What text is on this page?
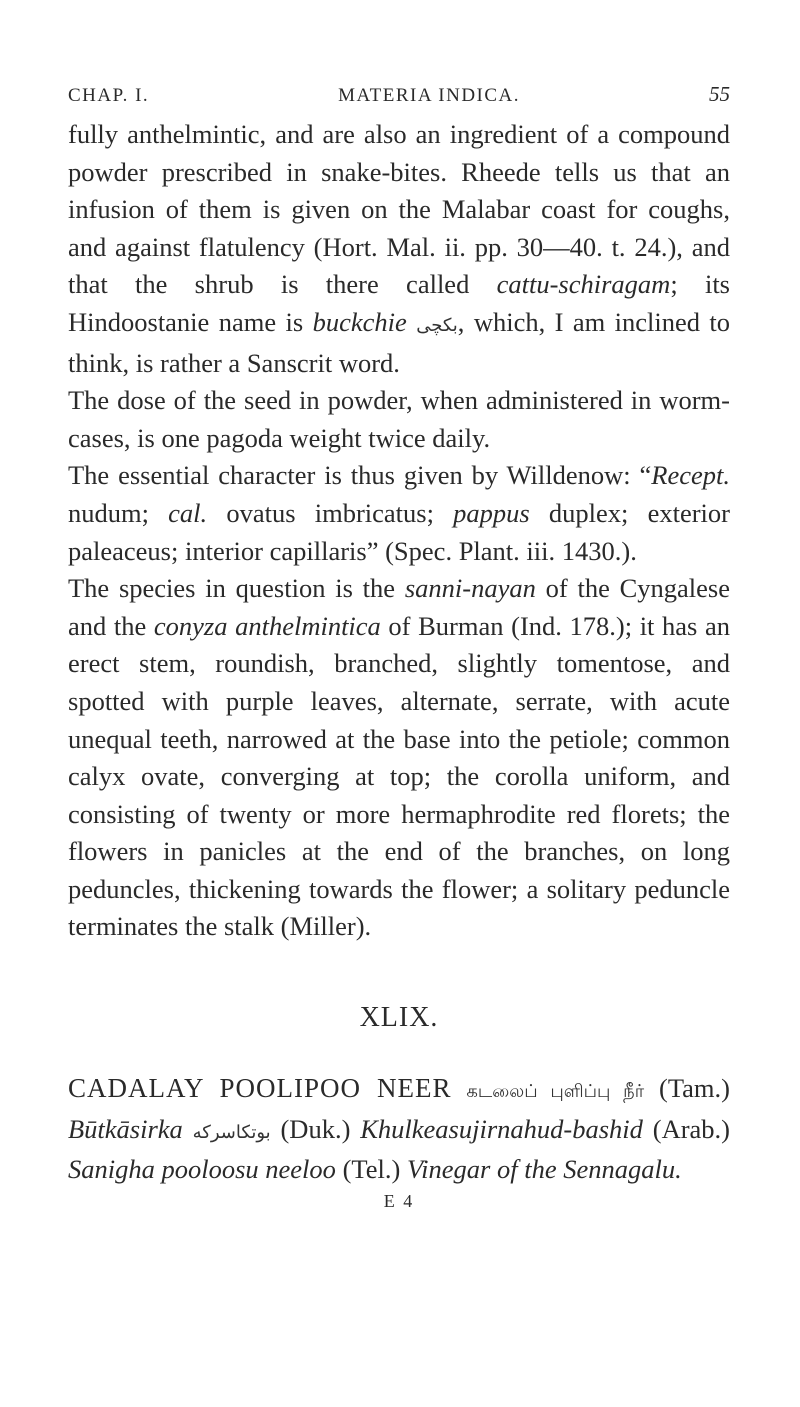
CHAP. I.	MATERIA INDICA.	55

fully anthelmintic, and are also an ingredient of a compound powder prescribed in snake-bites. Rheede tells us that an infusion of them is given on the Malabar coast for coughs, and against flatulency (Hort. Mal. ii. pp. 30—40. t. 24.), and that the shrub is there called cattu-schiragam; its Hindoostanie name is buckchie بكچى, which, I am inclined to think, is rather a Sanscrit word.

The dose of the seed in powder, when administered in worm-cases, is one pagoda weight twice daily.

The essential character is thus given by Willdenow: “Recept. nudum; cal. ovatus imbricatus; pappus duplex; exterior paleaceus; interior capillaris” (Spec. Plant. iii. 1430.).

The species in question is the sanni-nayan of the Cyngalese and the conyza anthelmintica of Burman (Ind. 178.); it has an erect stem, roundish, branched, slightly tomentose, and spotted with purple leaves, alternate, serrate, with acute unequal teeth, narrowed at the base into the petiole; common calyx ovate, converging at top; the corolla uniform, and consisting of twenty or more hermaphrodite red florets; the flowers in panicles at the end of the branches, on long peduncles, thickening towards the flower; a solitary peduncle terminates the stalk (Miller).

XLIX.
CADALAY POOLIPOO NEER கடலைப் புளிப்பு நீர் (Tam.) Būtkāsirka بوتكاسركه (Duk.) Khulkeasujirnahud-bashid (Arab.) Sanigha pooloosu neeloo (Tel.) Vinegar of the Sennagalu.
E 4
